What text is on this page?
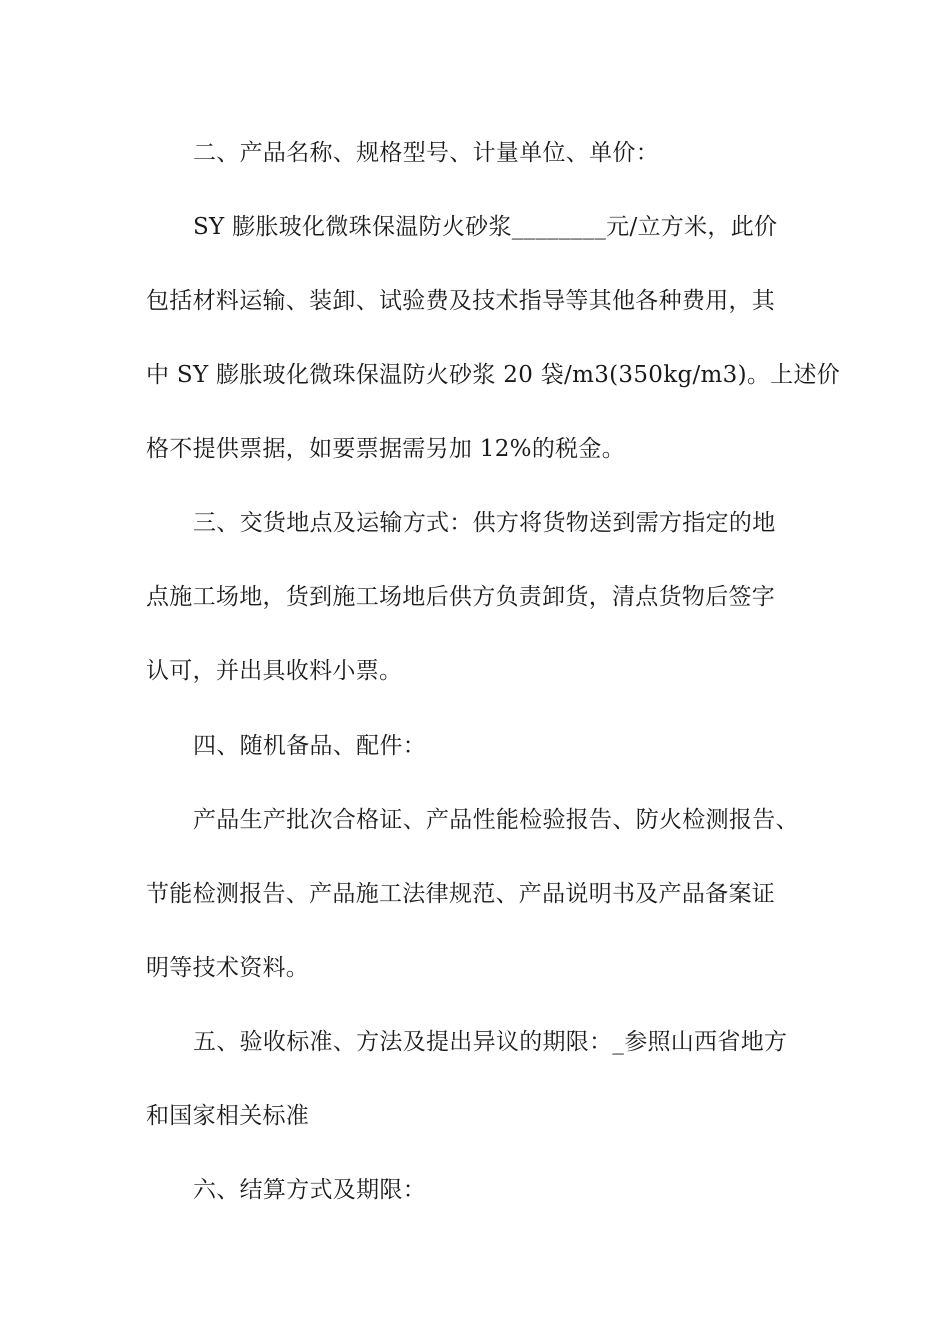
二、产品名称、规格型号、计量单位、单价：
SY 膨胀玻化微珠保温防火砂浆________元/立方米，此价
包括材料运输、装卸、试验费及技术指导等其他各种费用，其
中 SY 膨胀玻化微珠保温防火砂浆 20 袋/m3(350kg/m3)。上述价
格不提供票据，如要票据需另加 12%的税金。
三、交货地点及运输方式：供方将货物送到需方指定的地
点施工场地，货到施工场地后供方负责卸货，清点货物后签字
认可，并出具收料小票。
四、随机备品、配件：
产品生产批次合格证、产品性能检验报告、防火检测报告、
节能检测报告、产品施工法律规范、产品说明书及产品备案证
明等技术资料。
五、验收标准、方法及提出异议的期限：_参照山西省地方
和国家相关标准
六、结算方式及期限：
